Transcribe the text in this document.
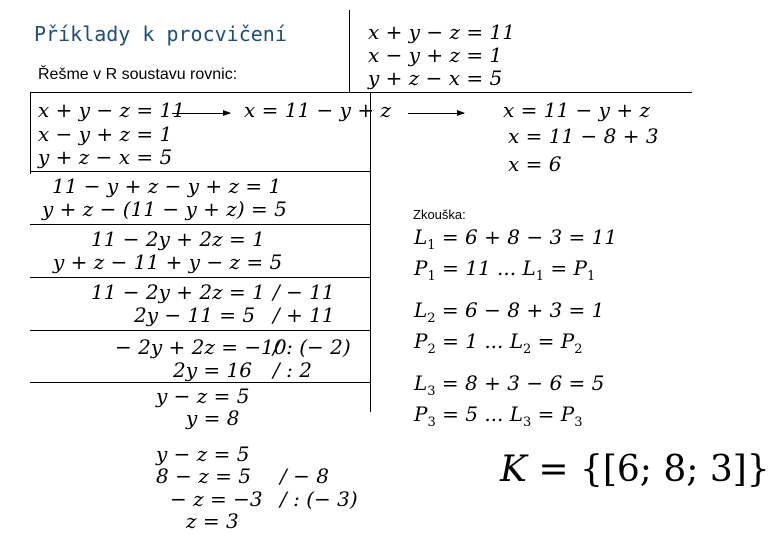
Příklady k procvičení
Řešme v R soustavu rovnic:
x + y − z = 11
x − y + z = 1
y + z − x = 5
x + y − z = 11
x − y + z = 1
y + z − x = 5
x = 11 − y + z	x = 11 − y + z
x = 11 − 8 + 3
x = 6
11 − y + z − y + z = 1
y + z − (11 − y + z) = 5
11 − 2y + 2z = 1
y + z − 11 + y − z = 5
11 − 2y + 2z = 1
2y − 11 = 5
/ − 11
/ + 11
− 2y + 2z = −10
2y = 16
/ : (− 2)
/ : 2
y − z = 5
y = 8
y − z = 5
8 − z = 5
− z = −3
z = 3
/ − 8
/ : (− 3)
Zkouška:
$L_1 = 6 + 8 - 3 = 11$
$P_1 = 11$ ... $L_1 = P_1$
$L_2 = 6 - 8 + 3 = 1$
$P_2 = 1$ ... $L_2 = P_2$
$L_3 = 8 + 3 - 6 = 5$
$P_3 = 5$ ... $L_3 = P_3$
K = {[6; 8; 3]}
